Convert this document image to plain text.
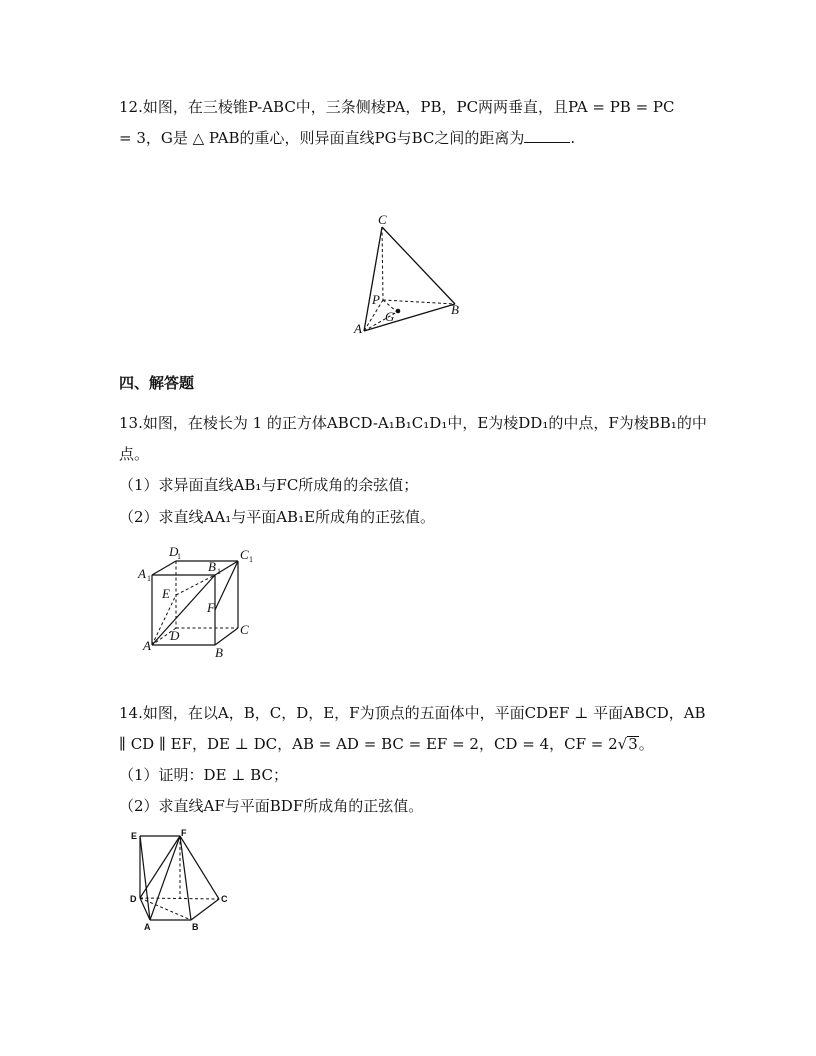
12.如图，在三棱锥P-ABC中，三条侧棱PA，PB，PC两两垂直，且PA = PB = PC
= 3，G是 △ PAB的重心，则异面直线PG与BC之间的距离为	.
C
P
G
A
B
四、解答题
13.如图，在棱长为 1 的正方体ABCD-A₁B₁C₁D₁中，E为棱DD₁的中点，F为棱BB₁的中
点。
（1）求异面直线AB₁与FC所成角的余弦值；
（2）求直线AA₁与平面AB₁E所成角的正弦值。
D
1	C 1
A 1
B 1
E
F
D	C
A	B
14.如图，在以A，B，C，D，E，F为顶点的五面体中，平面CDEF ⊥ 平面ABCD，AB
∥ CD ∥ EF，DE ⊥ DC，AB = AD = BC = EF = 2，CD = 4，CF = 2√3。
（1）证明：DE ⊥ BC；
（2）求直线AF与平面BDF所成角的正弦值。
E	F
D	C
A	B
